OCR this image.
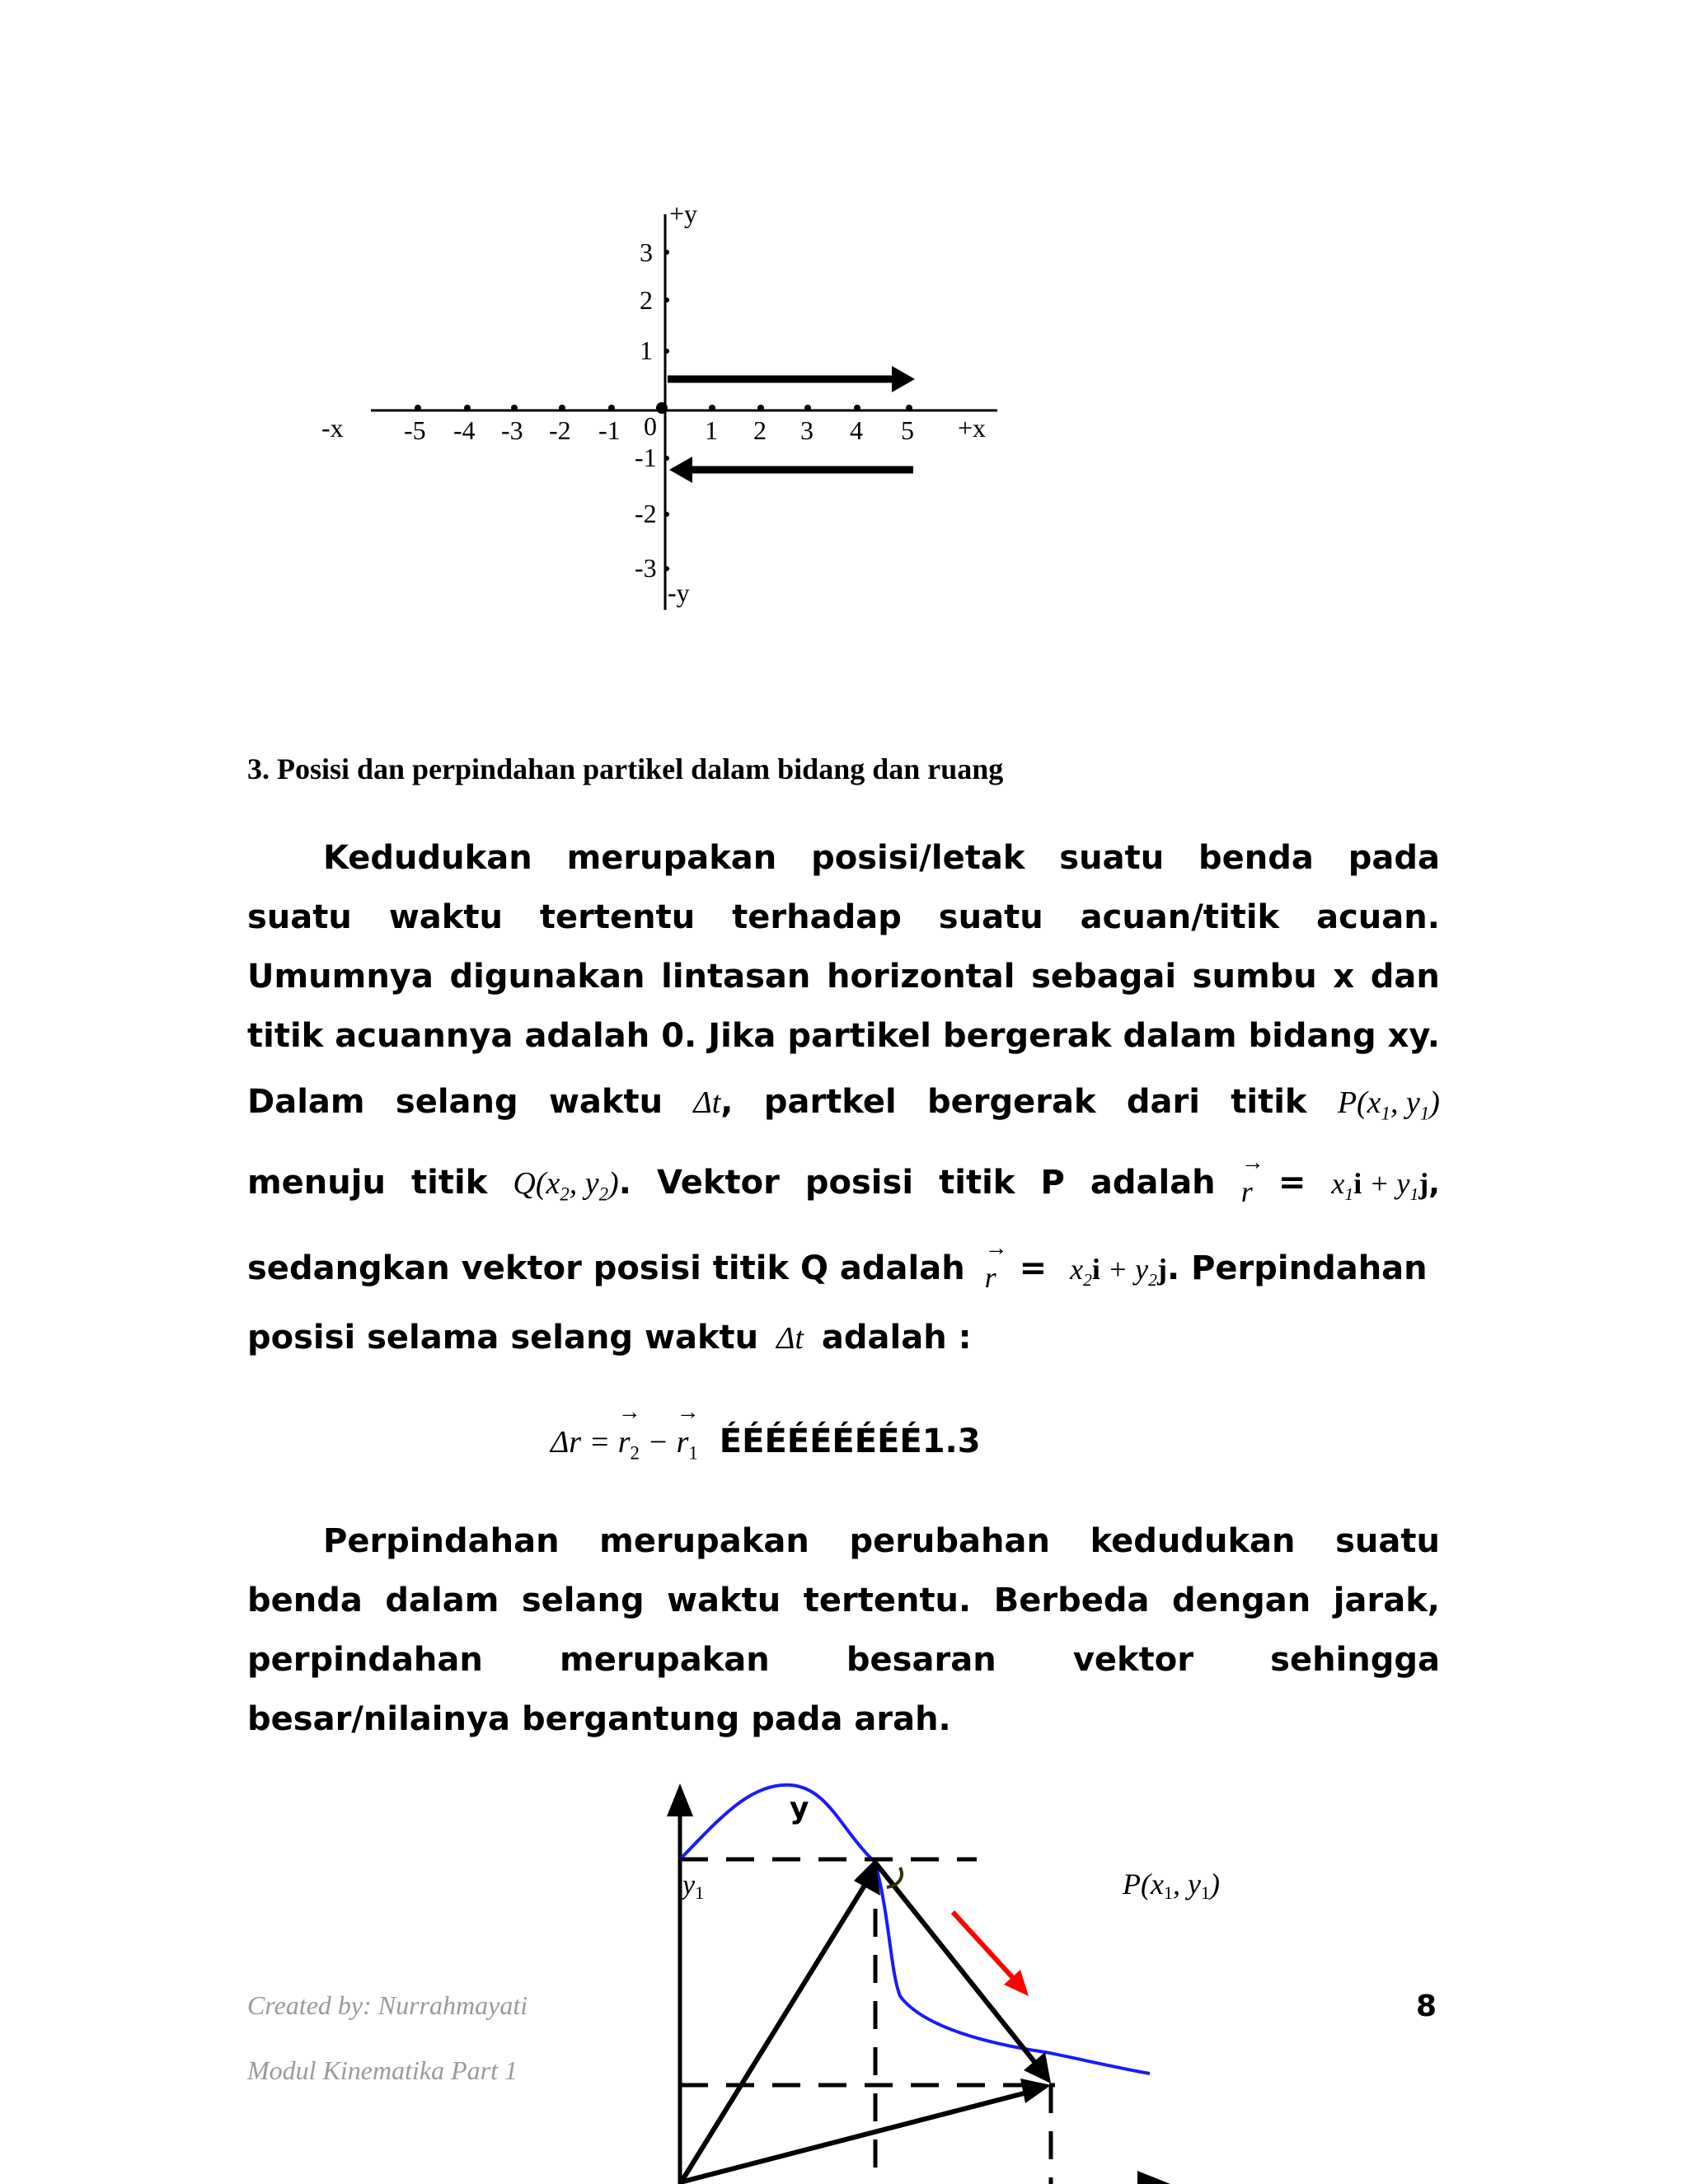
-x	+x
+y
-y
-5 -4 -3 -2 -1 0 1 2 3 4 5
3
2
1
-1
-2
-3
3. Posisi dan perpindahan partikel dalam bidang dan ruang
Kedudukan merupakan posisi/letak suatu benda pada
suatu waktu tertentu terhadap suatu acuan/titik acuan.
Umumnya digunakan lintasan horizontal sebagai sumbu x dan
titik acuannya adalah 0. Jika partikel bergerak dalam bidang xy.
Dalam selang waktu Δt, partkel bergerak dari titik $P(x_1$, $y_1$)
menuju titik $Q(x_2$, $y_2$). Vektor posisi titik P adalah
→
$r = x_1i + y_1j$,
sedangkan vektor posisi titik Q adalah
→
$r = x_2i + y_2j$. Perpindahan
posisi selama selang waktu Δt adalah :
Δr =
→
$r_2$ −
→
$r_1$ ÉÉÉÉÉÉÉÉÉ1.3
Perpindahan merupakan perubahan kedudukan suatu
benda dalam selang waktu tertentu. Berbeda dengan jarak,
perpindahan merupakan besaran vektor sehingga
besar/nilainya bergantung pada arah.
y
y1	P(x1, y1)
Created by: Nurrahmayati
Modul Kinematika Part 1
8
